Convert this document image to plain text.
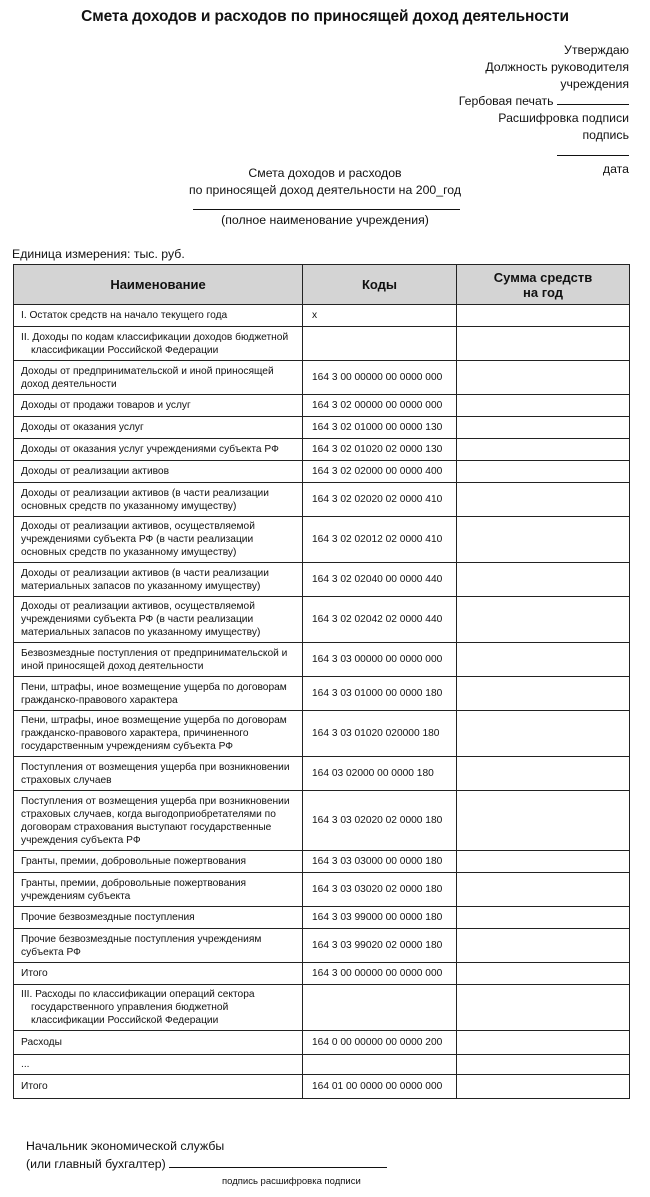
Смета доходов и расходов по приносящей доход деятельности
Утверждаю
Должность руководителя
учреждения
Гербовая печать
Расшифровка подписи
подпись
дата
Смета доходов и расходов
по приносящей доход деятельности на 200_год
(полное наименование учреждения)
Единица измерения: тыс. руб.
Наименование	Коды	Сумма средств на год
I. Остаток средств на начало текущего года	x	

II. Доходы по кодам классификации доходов бюджетной классификации Российской Федерации		

Доходы от предпринимательской и иной приносящей доход деятельности	164 3 00 00000 00 0000 000	
Доходы от продажи товаров и услуг	164 3 02 00000 00 0000 000	
Доходы от оказания услуг	164 3 02 01000 00 0000 130	
Доходы от оказания услуг учреждениями субъекта РФ	164 3 02 01020 02 0000 130	
Доходы от реализации активов	164 3 02 02000 00 0000 400	
Доходы от реализации активов (в части реализации основных средств по указанному имуществу)	164 3 02 02020 02 0000 410	
Доходы от реализации активов, осуществляемой учреждениями субъекта РФ (в части реализации основных средств по указанному имуществу)	164 3 02 02012 02 0000 410	
Доходы от реализации активов (в части реализации материальных запасов по указанному имуществу)	164 3 02 02040 00 0000 440	
Доходы от реализации активов, осуществляемой учреждениями субъекта РФ (в части реализации материальных запасов по указанному имуществу)	164 3 02 02042 02 0000 440	
Безвозмездные поступления от предпринимательской и иной приносящей доход деятельности	164 3 03 00000 00 0000 000	
Пени, штрафы, иное возмещение ущерба по договорам гражданско-правового характера	164 3 03 01000 00 0000 180	
Пени, штрафы, иное возмещение ущерба по договорам гражданско-правового характера, причиненного государственным учреждениям субъекта РФ	164 3 03 01020 020000 180	
Поступления от возмещения ущерба при возникновении страховых случаев	164 03 02000 00 0000 180	
Поступления от возмещения ущерба при возникновении страховых случаев, когда выгодоприобретателями по договорам страхования выступают государственные учреждения субъекта РФ	164 3 03 02020 02 0000 180	
Гранты, премии, добровольные пожертвования	164 3 03 03000 00 0000 180	
Гранты, премии, добровольные пожертвования учреждениям субъекта	164 3 03 03020 02 0000 180	
Прочие безвозмездные поступления	164 3 03 99000 00 0000 180	
Прочие безвозмездные поступления учреждениям субъекта РФ	164 3 03 99020 02 0000 180	
Итого	164 3 00 00000 00 0000 000	

III. Расходы по классификации операций сектора государственного управления бюджетной классификации Российской Федерации		

Расходы	164 0 00 00000 00 0000 200	
...		
Итого	164 01 00 0000 00 0000 000	
Начальник экономической службы
(или главный бухгалтер)
подпись расшифровка подписи
